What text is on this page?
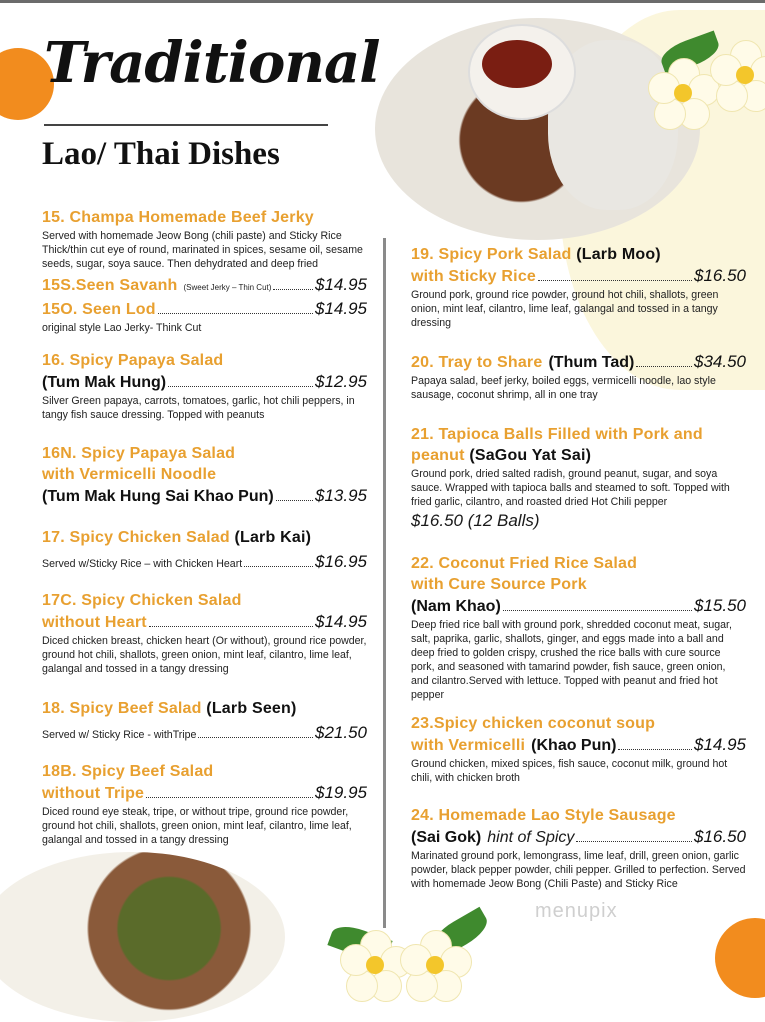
Traditional
Lao/ Thai Dishes

15. Champa Homemade Beef Jerky

Served with homemade Jeow Bong (chili paste) and Sticky Rice Thick/thin cut eye of round, marinated in spices, sesame oil, sesame seeds, sugar, soya sauce. Then dehydrated and deep fried

15S.Seen Savanh (Sweet Jerky – Thin Cut)	$14.95
15O. Seen Lod	$14.95

original style Lao Jerky- Think Cut

16. Spicy Papaya Salad

(Tum Mak Hung)	$12.95

Silver Green papaya, carrots, tomatoes, garlic, hot chili peppers, in tangy fish sauce dressing. Topped with peanuts

16N. Spicy Papaya Salad

with Vermicelli Noodle

(Tum Mak Hung Sai Khao Pun) $13.95

17. Spicy Chicken Salad (Larb Kai)

Served w/Sticky Rice – with Chicken Heart	$16.95

17C. Spicy Chicken Salad

without Heart	$14.95

Diced chicken breast, chicken heart (Or without), ground rice powder, ground hot chili, shallots, green onion, mint leaf, cilantro, lime leaf, galangal and tossed in a tangy dressing

18. Spicy Beef Salad (Larb Seen)

Served w/ Sticky Rice - withTripe	$21.50

18B. Spicy Beef Salad

without Tripe	$19.95

Diced round eye steak, tripe, or without tripe, ground rice powder, ground hot chili, shallots, green onion, mint leaf, cilantro, lime leaf, galangal and tossed in a tangy dressing

19. Spicy Pork Salad (Larb Moo)

with Sticky Rice	$16.50

Ground pork, ground rice powder, ground hot chili, shallots, green onion, mint leaf, cilantro, lime leaf, galangal and tossed in a tangy dressing

20. Tray to Share (Thum Tad)	$34.50

Papaya salad, beef jerky, boiled eggs, vermicelli noodle, lao style sausage, coconut shrimp, all in one tray

21. Tapioca Balls Filled with Pork and

peanut (SaGou Yat Sai)

Ground pork, dried salted radish, ground peanut, sugar, and soya sauce. Wrapped with tapioca balls and steamed to soft. Topped with fried garlic, cilantro, and roasted dried Hot Chili pepper

$16.50 (12 Balls)

22. Coconut Fried Rice Salad

with Cure Source Pork

(Nam Khao)	$15.50

Deep fried rice ball with ground pork, shredded coconut meat, sugar, salt, paprika, garlic, shallots, ginger, and eggs made into a ball and deep fried to golden crispy, crushed the rice balls with cure source pork, and seasoned with tamarind powder, fish sauce, green onion, and cilantro.Served with lettuce. Topped with peanut and fried hot pepper

23.Spicy chicken coconut soup

with Vermicelli (Khao Pun)	$14.95

Ground chicken, mixed spices, fish sauce, coconut milk, ground hot chili, with chicken broth

24. Homemade Lao Style Sausage

(Sai Gok) hint of Spicy	$16.50

Marinated ground pork, lemongrass, lime leaf, drill, green onion, garlic powder, black pepper powder, chili pepper. Grilled to perfection. Served with homemade Jeow Bong (Chili Paste) and Sticky Rice

menupix
